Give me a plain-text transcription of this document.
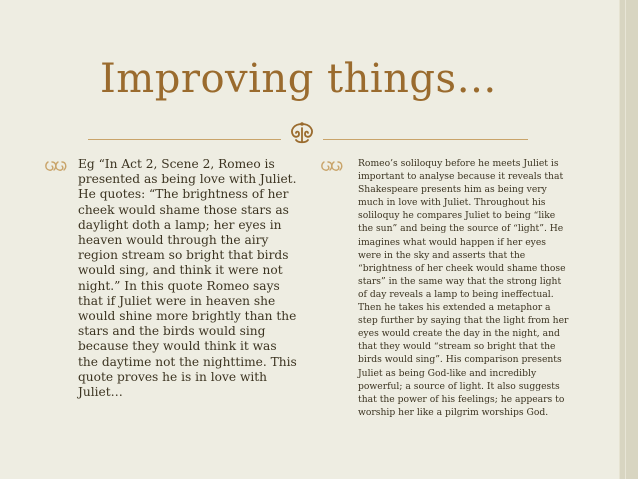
Improving things…
Eg “In Act 2, Scene 2, Romeo is presented as being love with Juliet. He quotes: “The brightness of her cheek would shame those stars as daylight doth a lamp; her eyes in heaven would through the airy region stream so bright that birds would sing, and think it were not night.” In this quote Romeo says that if Juliet were in heaven she would shine more brightly than the stars and the birds would sing because they would think it was the daytime not the nighttime. This quote proves he is in love with Juliet…
Romeo’s soliloquy before he meets Juliet is important to analyse because it reveals that Shakespeare presents him as being very much in love with Juliet. Throughout his soliloquy he compares Juliet to being “like the sun” and being the source of “light”. He imagines what would happen if her eyes were in the sky and asserts that the “brightness of her cheek would shame those stars” in the same way that the strong light of day reveals a lamp to being ineffectual. Then he takes his extended a metaphor a step further by saying that the light from her eyes would create the day in the night, and that they would “stream so bright that the birds would sing”. His comparison presents Juliet as being God-like and incredibly powerful; a source of light. It also suggests that the power of his feelings; he appears to worship her like a pilgrim worships God.
